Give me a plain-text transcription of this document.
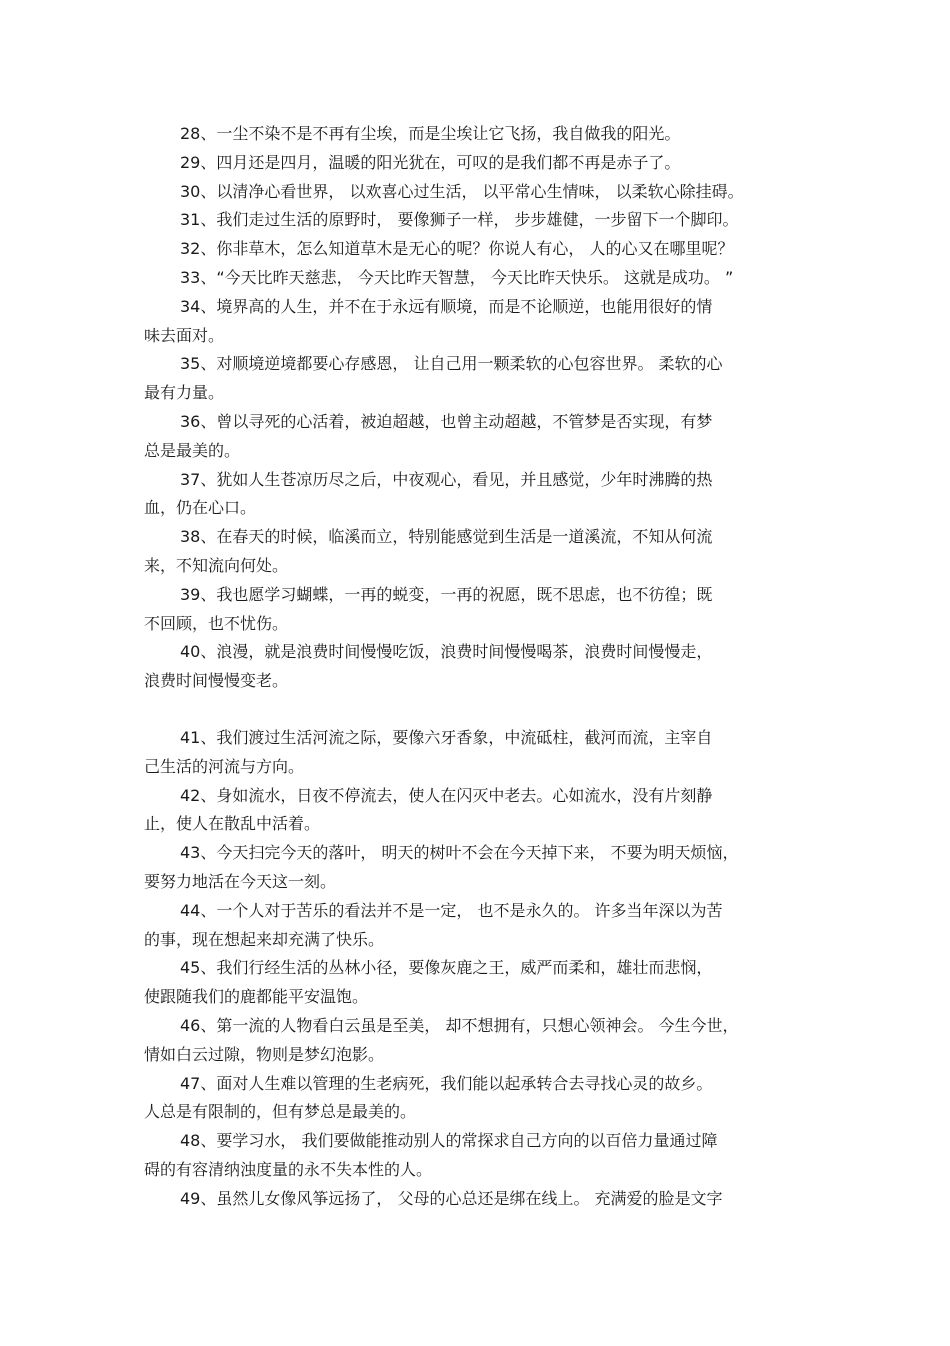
28、一尘不染不是不再有尘埃，而是尘埃让它飞扬，我自做我的阳光。
29、四月还是四月，温暖的阳光犹在，可叹的是我们都不再是赤子了。
30、以清净心看世界， 以欢喜心过生活， 以平常心生情味， 以柔软心除挂碍。
31、我们走过生活的原野时， 要像狮子一样， 步步雄健，一步留下一个脚印。
32、你非草木，怎么知道草木是无心的呢？你说人有心， 人的心又在哪里呢？
33、“今天比昨天慈悲， 今天比昨天智慧， 今天比昨天快乐。 这就是成功。 ”
34、境界高的人生，并不在于永远有顺境，而是不论顺逆，也能用很好的情
味去面对。
35、对顺境逆境都要心存感恩， 让自己用一颗柔软的心包容世界。 柔软的心
最有力量。
36、曾以寻死的心活着，被迫超越，也曾主动超越，不管梦是否实现，有梦
总是最美的。
37、犹如人生苍凉历尽之后，中夜观心，看见，并且感觉，少年时沸腾的热
血，仍在心口。
38、在春天的时候，临溪而立，特别能感觉到生活是一道溪流，不知从何流
来，不知流向何处。
39、我也愿学习蝴蝶，一再的蜕变，一再的祝愿，既不思虑，也不彷徨；既
不回顾，也不忧伤。
40、浪漫，就是浪费时间慢慢吃饭，浪费时间慢慢喝茶，浪费时间慢慢走，
浪费时间慢慢变老。
41、我们渡过生活河流之际，要像六牙香象，中流砥柱，截河而流，主宰自
己生活的河流与方向。
42、身如流水，日夜不停流去，使人在闪灭中老去。心如流水，没有片刻静
止，使人在散乱中活着。
43、今天扫完今天的落叶， 明天的树叶不会在今天掉下来， 不要为明天烦恼，
要努力地活在今天这一刻。
44、一个人对于苦乐的看法并不是一定， 也不是永久的。 许多当年深以为苦
的事，现在想起来却充满了快乐。
45、我们行经生活的丛林小径，要像灰鹿之王，威严而柔和，雄壮而悲悯，
使跟随我们的鹿都能平安温饱。
46、第一流的人物看白云虽是至美， 却不想拥有，只想心领神会。 今生今世，
情如白云过隙，物则是梦幻泡影。
47、面对人生难以管理的生老病死，我们能以起承转合去寻找心灵的故乡。
人总是有限制的，但有梦总是最美的。
48、要学习水， 我们要做能推动别人的常探求自己方向的以百倍力量通过障
碍的有容清纳浊度量的永不失本性的人。
49、虽然儿女像风筝远扬了， 父母的心总还是绑在线上。 充满爱的脸是文字
